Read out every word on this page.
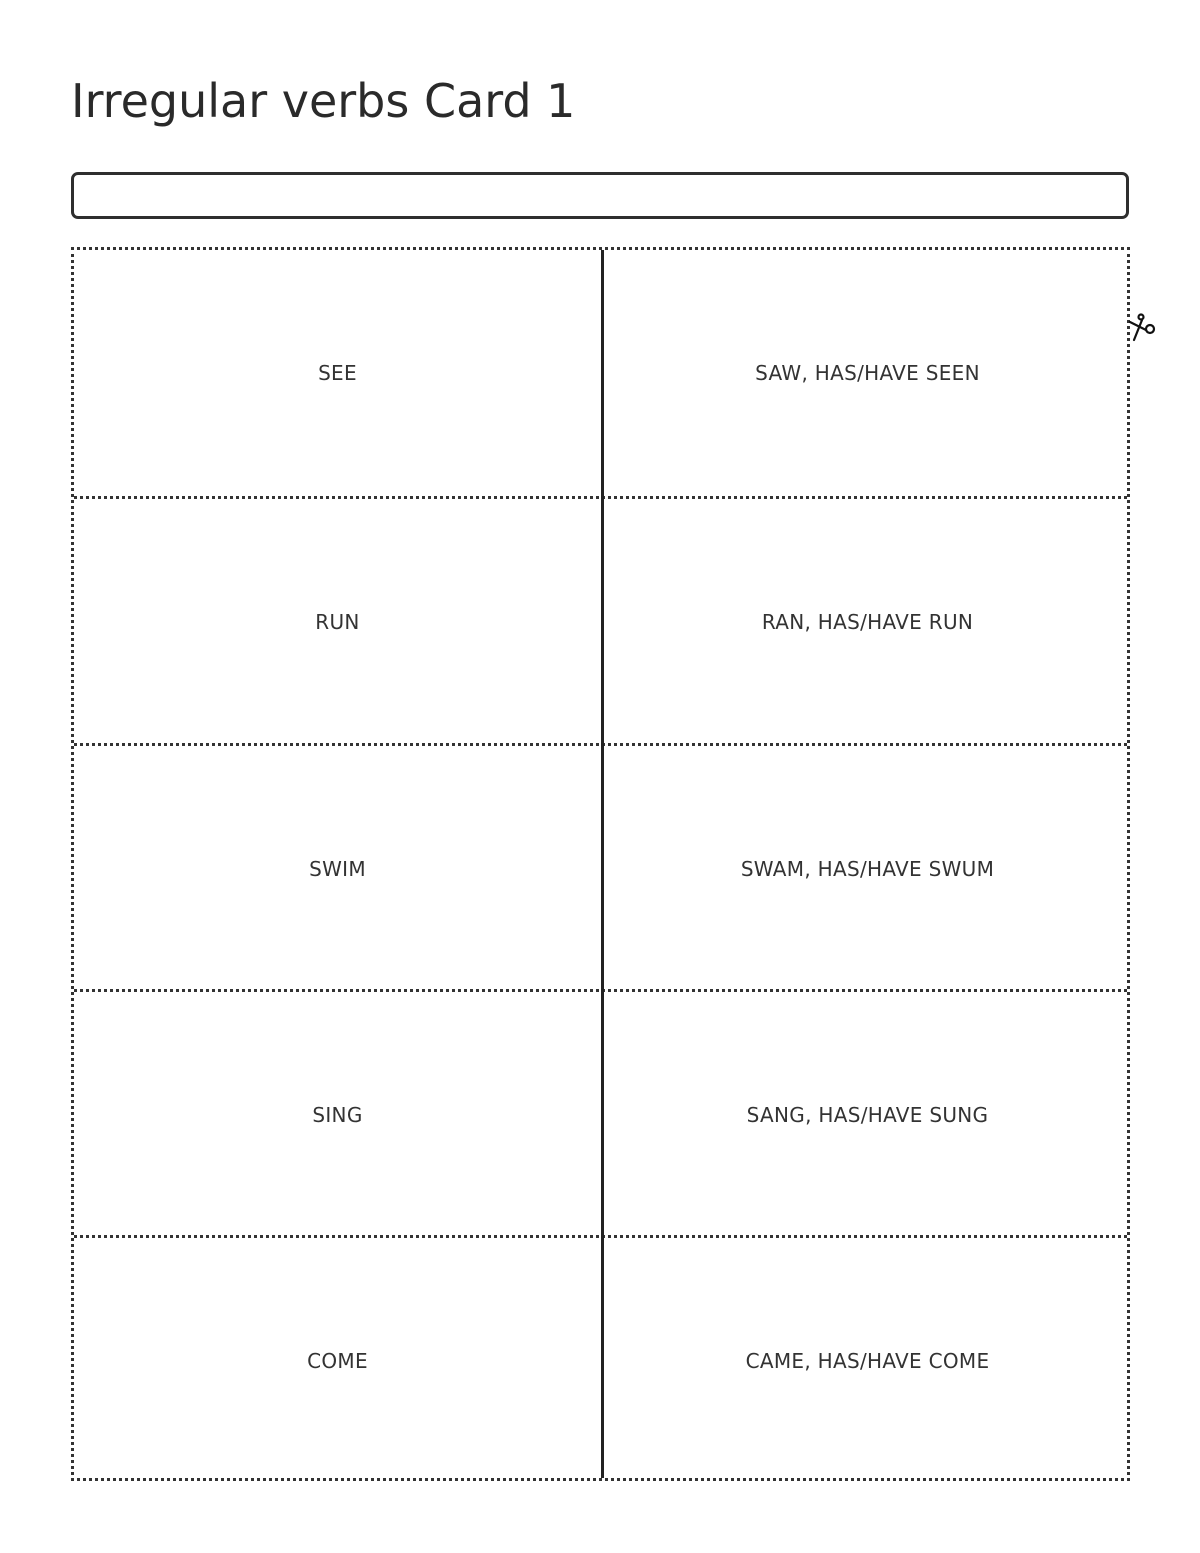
Irregular verbs Card 1
SEE	SAW, HAS/HAVE SEEN
RUN	RAN, HAS/HAVE RUN
SWIM	SWAM, HAS/HAVE SWUM
SING	SANG, HAS/HAVE SUNG
COME	CAME, HAS/HAVE COME
